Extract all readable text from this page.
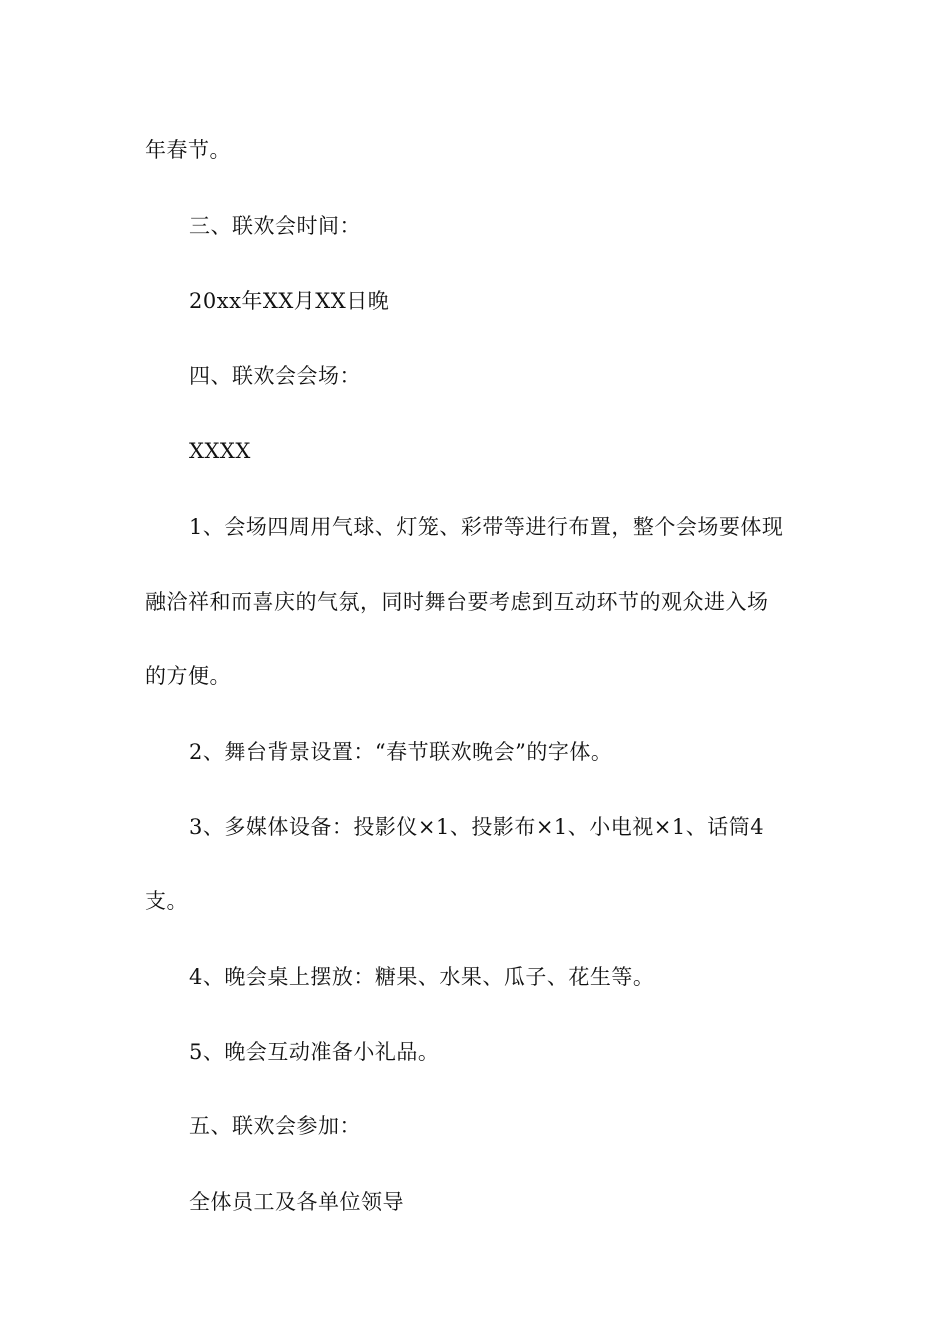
年春节。
三、联欢会时间：
20xx年XX月XX日晚
四、联欢会会场：
XXXX
1、会场四周用气球、灯笼、彩带等进行布置，整个会场要体现
融洽祥和而喜庆的气氛，同时舞台要考虑到互动环节的观众进入场
的方便。
2、舞台背景设置：“春节联欢晚会”的字体。
3、多媒体设备：投影仪×1、投影布×1、小电视×1、话筒4
支。
4、晚会桌上摆放：糖果、水果、瓜子、花生等。
5、晚会互动准备小礼品。
五、联欢会参加：
全体员工及各单位领导
